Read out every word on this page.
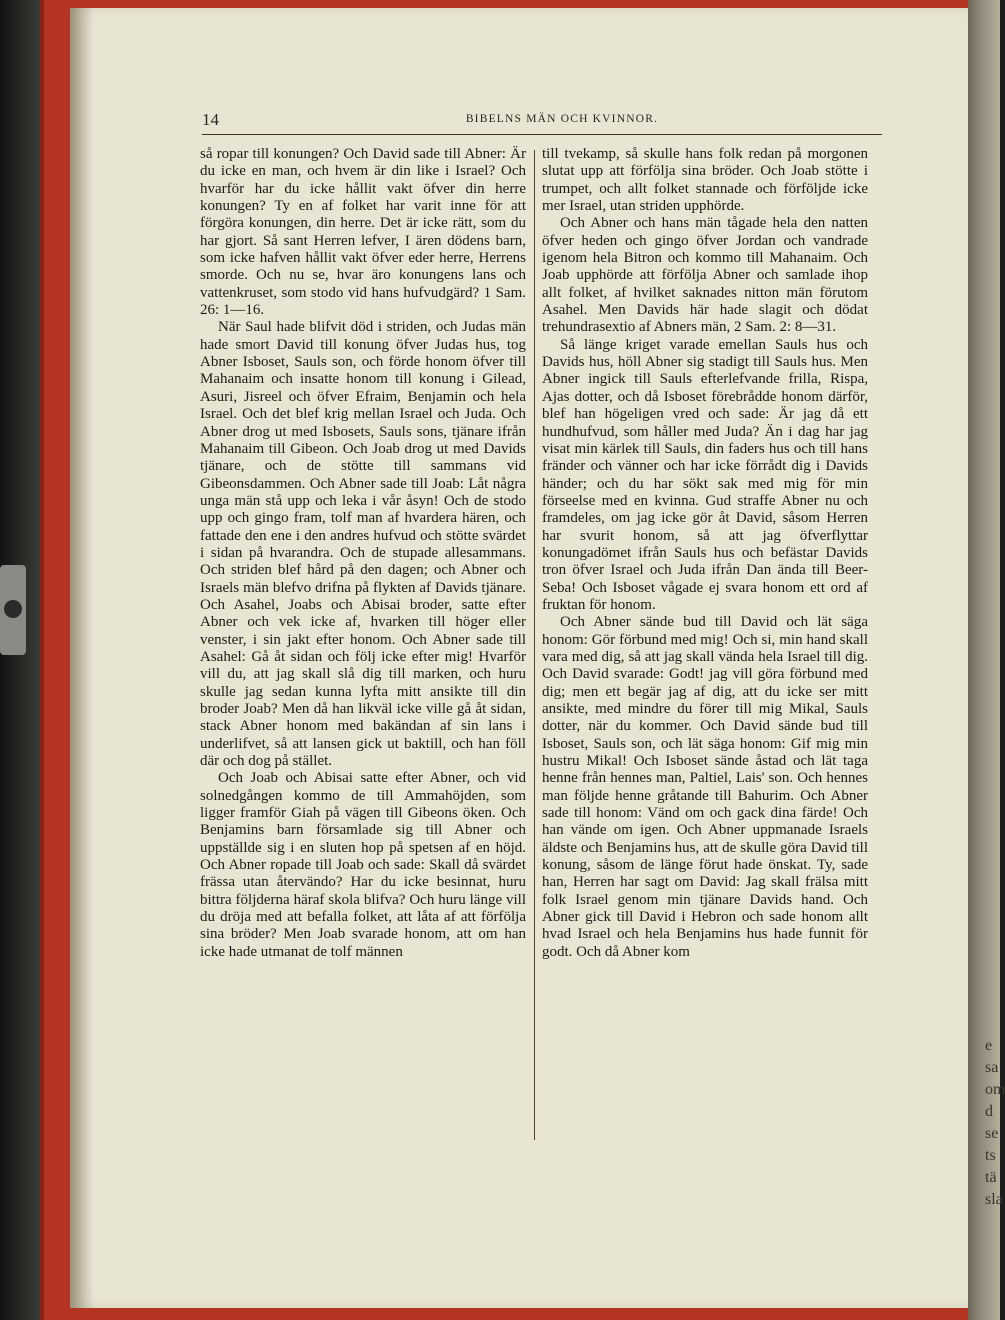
e
sa
om
d
se
ts
tä
sla
14	BIBELNS MÄN OCH KVINNOR.

så ropar till konungen? Och David sade till Abner: Är du icke en man, och hvem är din like i Israel? Och hvarför har du icke hållit vakt öfver din herre konungen? Ty en af folket har varit inne för att förgöra konungen, din herre. Det är icke rätt, som du har gjort. Så sant Herren lefver, I ären dödens barn, som icke hafven hållit vakt öfver eder herre, Herrens smorde. Och nu se, hvar äro konungens lans och vattenkruset, som stodo vid hans hufvudgärd? 1 Sam. 26: 1—16.

När Saul hade blifvit död i striden, och Judas män hade smort David till konung öfver Judas hus, tog Abner Isboset, Sauls son, och förde honom öfver till Mahanaim och insatte honom till konung i Gilead, Asuri, Jisreel och öfver Efraim, Benjamin och hela Israel. Och det blef krig mellan Israel och Juda. Och Abner drog ut med Isbosets, Sauls sons, tjänare ifrån Mahanaim till Gibeon. Och Joab drog ut med Davids tjänare, och de stötte till sammans vid Gibeonsdammen. Och Abner sade till Joab: Låt några unga män stå upp och leka i vår åsyn! Och de stodo upp och gingo fram, tolf man af hvardera hären, och fattade den ene i den andres hufvud och stötte svärdet i sidan på hvarandra. Och de stupade allesammans. Och striden blef hård på den dagen; och Abner och Israels män blefvo drifna på flykten af Davids tjänare. Och Asahel, Joabs och Abisai broder, satte efter Abner och vek icke af, hvarken till höger eller venster, i sin jakt efter honom. Och Abner sade till Asahel: Gå åt sidan och följ icke efter mig! Hvarför vill du, att jag skall slå dig till marken, och huru skulle jag sedan kunna lyfta mitt ansikte till din broder Joab? Men då han likväl icke ville gå åt sidan, stack Abner honom med bakändan af sin lans i underlifvet, så att lansen gick ut baktill, och han föll där och dog på stället.

Och Joab och Abisai satte efter Abner, och vid solnedgången kommo de till Ammahöjden, som ligger framför Giah på vägen till Gibeons öken. Och Benjamins barn församlade sig till Abner och uppställde sig i en sluten hop på spetsen af en höjd. Och Abner ropade till Joab och sade: Skall då svärdet frässa utan återvändo? Har du icke besinnat, huru bittra följderna häraf skola blifva? Och huru länge vill du dröja med att befalla folket, att låta af att förfölja sina bröder? Men Joab svarade honom, att om han icke hade utmanat de tolf männen

till tvekamp, så skulle hans folk redan på morgonen slutat upp att förfölja sina bröder. Och Joab stötte i trumpet, och allt folket stannade och förföljde icke mer Israel, utan striden upphörde.

Och Abner och hans män tågade hela den natten öfver heden och gingo öfver Jordan och vandrade igenom hela Bitron och kommo till Mahanaim. Och Joab upphörde att förfölja Abner och samlade ihop allt folket, af hvilket saknades nitton män förutom Asahel. Men Davids här hade slagit och dödat trehundrasextio af Abners män, 2 Sam. 2: 8—31.

Så länge kriget varade emellan Sauls hus och Davids hus, höll Abner sig stadigt till Sauls hus. Men Abner ingick till Sauls efterlefvande frilla, Rispa, Ajas dotter, och då Isboset förebrådde honom därför, blef han högeligen vred och sade: Är jag då ett hundhufvud, som håller med Juda? Än i dag har jag visat min kärlek till Sauls, din faders hus och till hans fränder och vänner och har icke förrådt dig i Davids händer; och du har sökt sak med mig för min förseelse med en kvinna. Gud straffe Abner nu och framdeles, om jag icke gör åt David, såsom Herren har svurit honom, så att jag öfverflyttar konungadömet ifrån Sauls hus och befästar Davids tron öfver Israel och Juda ifrån Dan ända till Beer-Seba! Och Isboset vågade ej svara honom ett ord af fruktan för honom.

Och Abner sände bud till David och lät säga honom: Gör förbund med mig! Och si, min hand skall vara med dig, så att jag skall vända hela Israel till dig. Och David svarade: Godt! jag vill göra förbund med dig; men ett begär jag af dig, att du icke ser mitt ansikte, med mindre du förer till mig Mikal, Sauls dotter, när du kommer. Och David sände bud till Isboset, Sauls son, och lät säga honom: Gif mig min hustru Mikal! Och Isboset sände åstad och lät taga henne från hennes man, Paltiel, Lais' son. Och hennes man följde henne gråtande till Bahurim. Och Abner sade till honom: Vänd om och gack dina färde! Och han vände om igen. Och Abner uppmanade Israels äldste och Benjamins hus, att de skulle göra David till konung, såsom de länge förut hade önskat. Ty, sade han, Herren har sagt om David: Jag skall frälsa mitt folk Israel genom min tjänare Davids hand. Och Abner gick till David i Hebron och sade honom allt hvad Israel och hela Benjamins hus hade funnit för godt. Och då Abner kom
